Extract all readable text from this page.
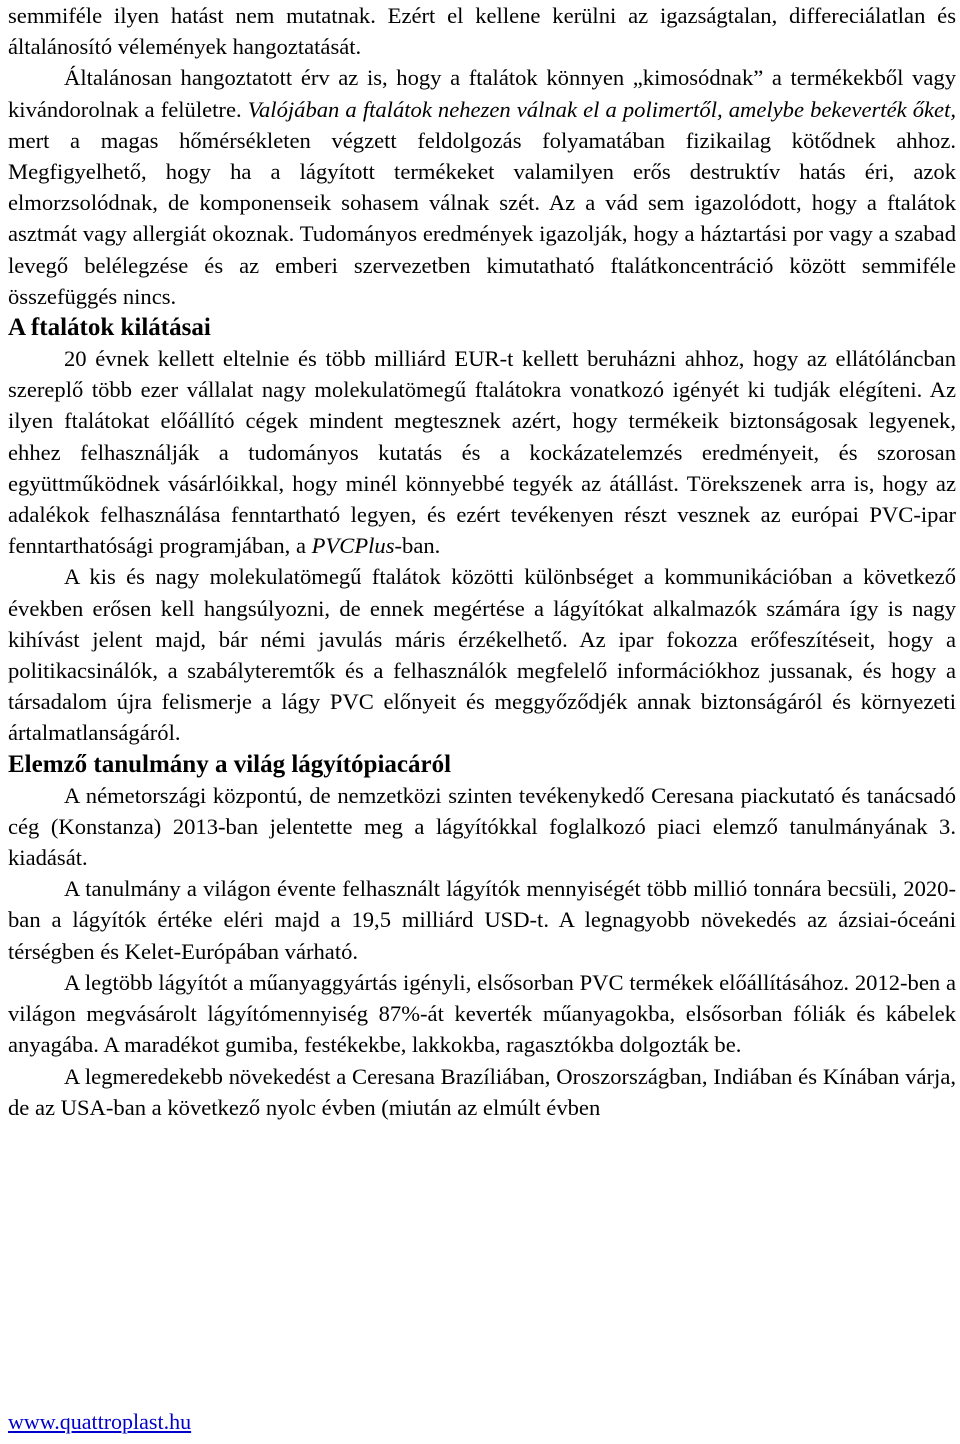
semmiféle ilyen hatást nem mutatnak. Ezért el kellene kerülni az igazságtalan, differeciálatlan és általánosító vélemények hangoztatását.

Általánosan hangoztatott érv az is, hogy a ftalátok könnyen „kimosódnak” a termékekből vagy kivándorolnak a felületre. Valójában a ftalátok nehezen válnak el a polimertől, amelybe bekeverték őket, mert a magas hőmérsékleten végzett feldolgozás folyamatában fizikailag kötődnek ahhoz. Megfigyelhető, hogy ha a lágyított termékeket valamilyen erős destruktív hatás éri, azok elmorzsolódnak, de komponenseik sohasem válnak szét. Az a vád sem igazolódott, hogy a ftalátok asztmát vagy allergiát okoznak. Tudományos eredmények igazolják, hogy a háztartási por vagy a szabad levegő belélegzése és az emberi szervezetben kimutatható ftalátkoncentráció között semmiféle összefüggés nincs.

A ftalátok kilátásai

20 évnek kellett eltelnie és több milliárd EUR-t kellett beruházni ahhoz, hogy az ellátóláncban szereplő több ezer vállalat nagy molekulatömegű ftalátokra vonatkozó igényét ki tudják elégíteni. Az ilyen ftalátokat előállító cégek mindent megtesznek azért, hogy termékeik biztonságosak legyenek, ehhez felhasználják a tudományos kutatás és a kockázatelemzés eredményeit, és szorosan együttműködnek vásárlóikkal, hogy minél könnyebbé tegyék az átállást. Törekszenek arra is, hogy az adalékok felhasználása fenntartható legyen, és ezért tevékenyen részt vesznek az európai PVC-ipar fenntarthatósági programjában, a PVCPlus-ban.

A kis és nagy molekulatömegű ftalátok közötti különbséget a kommunikációban a következő években erősen kell hangsúlyozni, de ennek megértése a lágyítókat alkalmazók számára így is nagy kihívást jelent majd, bár némi javulás máris érzékelhető. Az ipar fokozza erőfeszítéseit, hogy a politikacsinálók, a szabályteremtők és a felhasználók megfelelő információkhoz jussanak, és hogy a társadalom újra felismerje a lágy PVC előnyeit és meggyőződjék annak biztonságáról és környezeti ártalmatlanságáról.

Elemző tanulmány a világ lágyítópiacáról

A németországi központú, de nemzetközi szinten tevékenykedő Ceresana piackutató és tanácsadó cég (Konstanza) 2013-ban jelentette meg a lágyítókkal foglalkozó piaci elemző tanulmányának 3. kiadását.

A tanulmány a világon évente felhasznált lágyítók mennyiségét több millió tonnára becsüli, 2020-ban a lágyítók értéke eléri majd a 19,5 milliárd USD-t. A legnagyobb növekedés az ázsiai-óceáni térségben és Kelet-Európában várható.

A legtöbb lágyítót a műanyaggyártás igényli, elsősorban PVC termékek előállításához. 2012-ben a világon megvásárolt lágyítómennyiség 87%-át keverték műanyagokba, elsősorban fóliák és kábelek anyagába. A maradékot gumiba, festékekbe, lakkokba, ragasztókba dolgozták be.

A legmeredekebb növekedést a Ceresana Brazíliában, Oroszországban, Indiában és Kínában várja, de az USA-ban a következő nyolc évben (miután az elmúlt évben

www.quattroplast.hu
